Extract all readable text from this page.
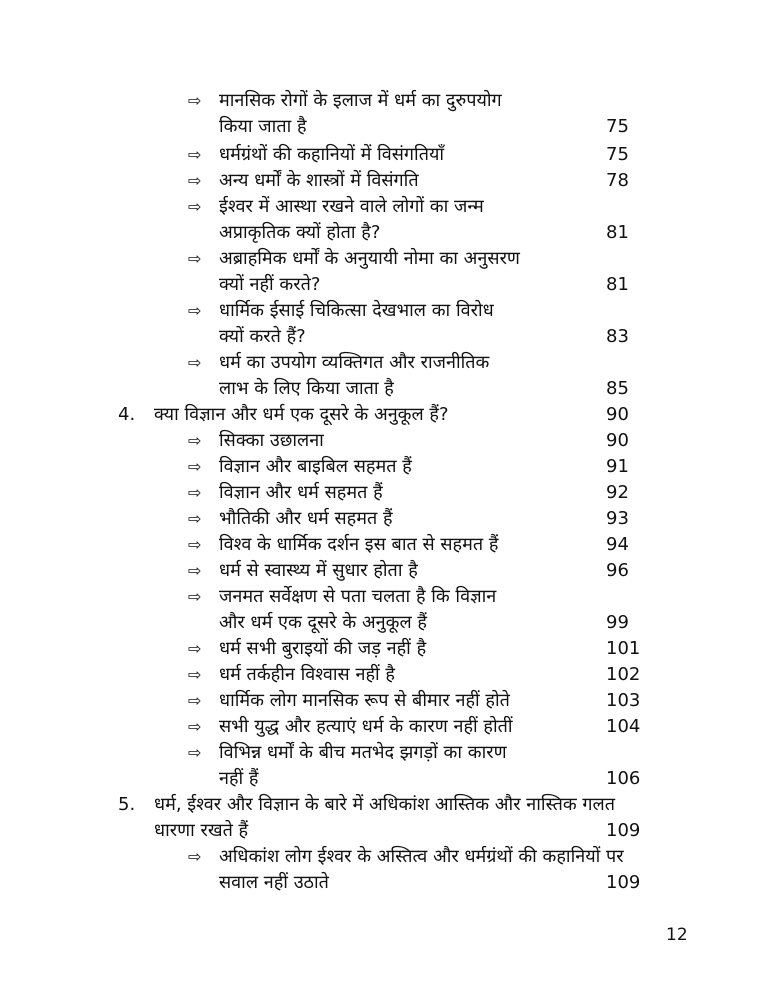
⇨ मानसिक रोगों के इलाज में धर्म का दुरुपयोग
किया जाता है	75
⇨ धर्मग्रंथों की कहानियों में विसंगतियाँ	75
⇨ अन्य धर्मों के शास्त्रों में विसंगति	78
⇨ ईश्वर में आस्था रखने वाले लोगों का जन्म
अप्राकृतिक क्यों होता है?	81
⇨ अब्राहमिक धर्मों के अनुयायी नोमा का अनुसरण
क्यों नहीं करते?	81
⇨ धार्मिक ईसाई चिकित्सा देखभाल का विरोध
क्यों करते हैं?	83
⇨ धर्म का उपयोग व्यक्तिगत और राजनीतिक
लाभ के लिए किया जाता है	85
4. क्या विज्ञान और धर्म एक दूसरे के अनुकूल हैं?	90
⇨ सिक्का उछालना	90
⇨ विज्ञान और बाइबिल सहमत हैं	91
⇨ विज्ञान और धर्म सहमत हैं	92
⇨ भौतिकी और धर्म सहमत हैं	93
⇨ विश्व के धार्मिक दर्शन इस बात से सहमत हैं	94
⇨ धर्म से स्वास्थ्य में सुधार होता है	96
⇨ जनमत सर्वेक्षण से पता चलता है कि विज्ञान
और धर्म एक दूसरे के अनुकूल हैं	99
⇨ धर्म सभी बुराइयों की जड़ नहीं है	101
⇨ धर्म तर्कहीन विश्वास नहीं है	102
⇨ धार्मिक लोग मानसिक रूप से बीमार नहीं होते	103
⇨ सभी युद्ध और हत्याएं धर्म के कारण नहीं होतीं	104
⇨ विभिन्न धर्मों के बीच मतभेद झगड़ों का कारण
नहीं हैं	106
5. धर्म, ईश्वर और विज्ञान के बारे में अधिकांश आस्तिक और नास्तिक गलत
धारणा रखते हैं	109
⇨ अधिकांश लोग ईश्वर के अस्तित्व और धर्मग्रंथों की कहानियों पर
सवाल नहीं उठाते	109
12
